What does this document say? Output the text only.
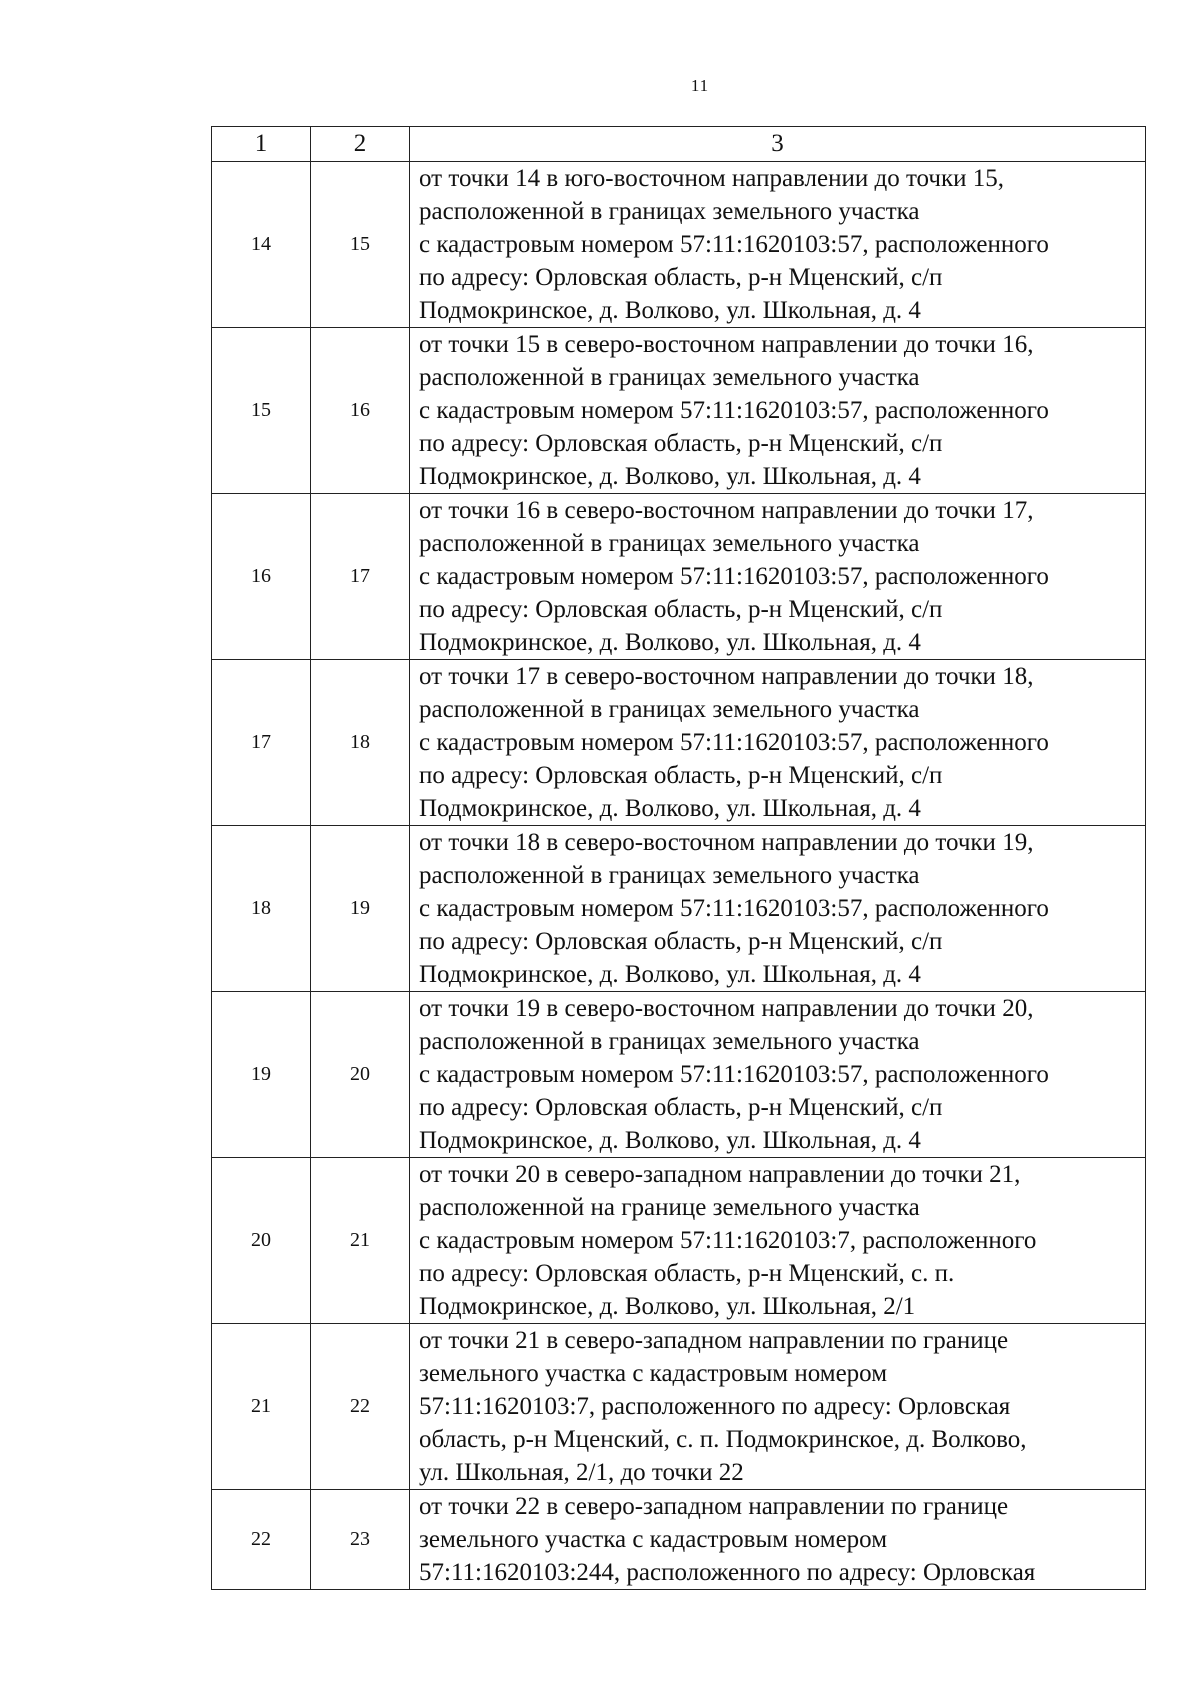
11
1	2	3
14	15	от точки 14 в юго-восточном направлении до точки 15,
расположенной в границах земельного участка
с кадастровым номером 57:11:1620103:57, расположенного
по адресу: Орловская область, р-н Мценский, с/п
Подмокринское, д. Волково, ул. Школьная, д. 4

15	16	от точки 15 в северо-восточном направлении до точки 16,
расположенной в границах земельного участка
с кадастровым номером 57:11:1620103:57, расположенного
по адресу: Орловская область, р-н Мценский, с/п
Подмокринское, д. Волково, ул. Школьная, д. 4

16	17	от точки 16 в северо-восточном направлении до точки 17,
расположенной в границах земельного участка
с кадастровым номером 57:11:1620103:57, расположенного
по адресу: Орловская область, р-н Мценский, с/п
Подмокринское, д. Волково, ул. Школьная, д. 4

17	18	от точки 17 в северо-восточном направлении до точки 18,
расположенной в границах земельного участка
с кадастровым номером 57:11:1620103:57, расположенного
по адресу: Орловская область, р-н Мценский, с/п
Подмокринское, д. Волково, ул. Школьная, д. 4

18	19	от точки 18 в северо-восточном направлении до точки 19,
расположенной в границах земельного участка
с кадастровым номером 57:11:1620103:57, расположенного
по адресу: Орловская область, р-н Мценский, с/п
Подмокринское, д. Волково, ул. Школьная, д. 4

19	20	от точки 19 в северо-восточном направлении до точки 20,
расположенной в границах земельного участка
с кадастровым номером 57:11:1620103:57, расположенного
по адресу: Орловская область, р-н Мценский, с/п
Подмокринское, д. Волково, ул. Школьная, д. 4

20	21	от точки 20 в северо-западном направлении до точки 21,
расположенной на границе земельного участка
с кадастровым номером 57:11:1620103:7, расположенного
по адресу: Орловская область, р-н Мценский, с. п.
Подмокринское, д. Волково, ул. Школьная, 2/1

21	22	от точки 21 в северо-западном направлении по границе
земельного участка с кадастровым номером
57:11:1620103:7, расположенного по адресу: Орловская
область, р-н Мценский, с. п. Подмокринское, д. Волково,
ул. Школьная, 2/1, до точки 22

22	23	от точки 22 в северо-западном направлении по границе
земельного участка с кадастровым номером
57:11:1620103:244, расположенного по адресу: Орловская
